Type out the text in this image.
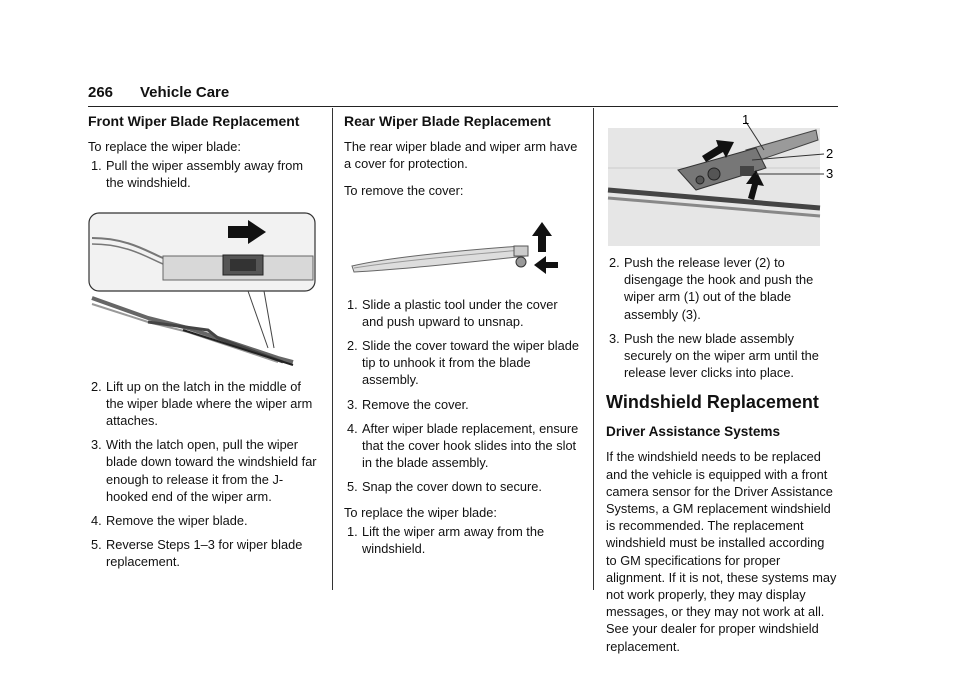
266 Vehicle Care
Front Wiper Blade Replacement

To replace the wiper blade:

1. Pull the wiper assembly away from the windshield.
2. Lift up on the latch in the middle of the wiper blade where the wiper arm attaches.
3. With the latch open, pull the wiper blade down toward the windshield far enough to release it from the J-hooked end of the wiper arm.
4. Remove the wiper blade.
5. Reverse Steps 1–3 for wiper blade replacement.
Rear Wiper Blade Replacement

The rear wiper blade and wiper arm have a cover for protection.

To remove the cover:

1. Slide a plastic tool under the cover and push upward to unsnap.
2. Slide the cover toward the wiper blade tip to unhook it from the blade assembly.
3. Remove the cover.
4. After wiper blade replacement, ensure that the cover hook slides into the slot in the blade assembly.
5. Snap the cover down to secure.

To replace the wiper blade:

1. Lift the wiper arm away from the windshield.
1
2
3
2. Push the release lever (2) to disengage the hook and push the wiper arm (1) out of the blade assembly (3).
3. Push the new blade assembly securely on the wiper arm until the release lever clicks into place.
Windshield Replacement
Driver Assistance Systems

If the windshield needs to be replaced and the vehicle is equipped with a front camera sensor for the Driver Assistance Systems, a GM replacement windshield is recommended. The replacement windshield must be installed according to GM specifications for proper alignment. If it is not, these systems may not work properly, they may display messages, or they may not work at all. See your dealer for proper windshield replacement.
